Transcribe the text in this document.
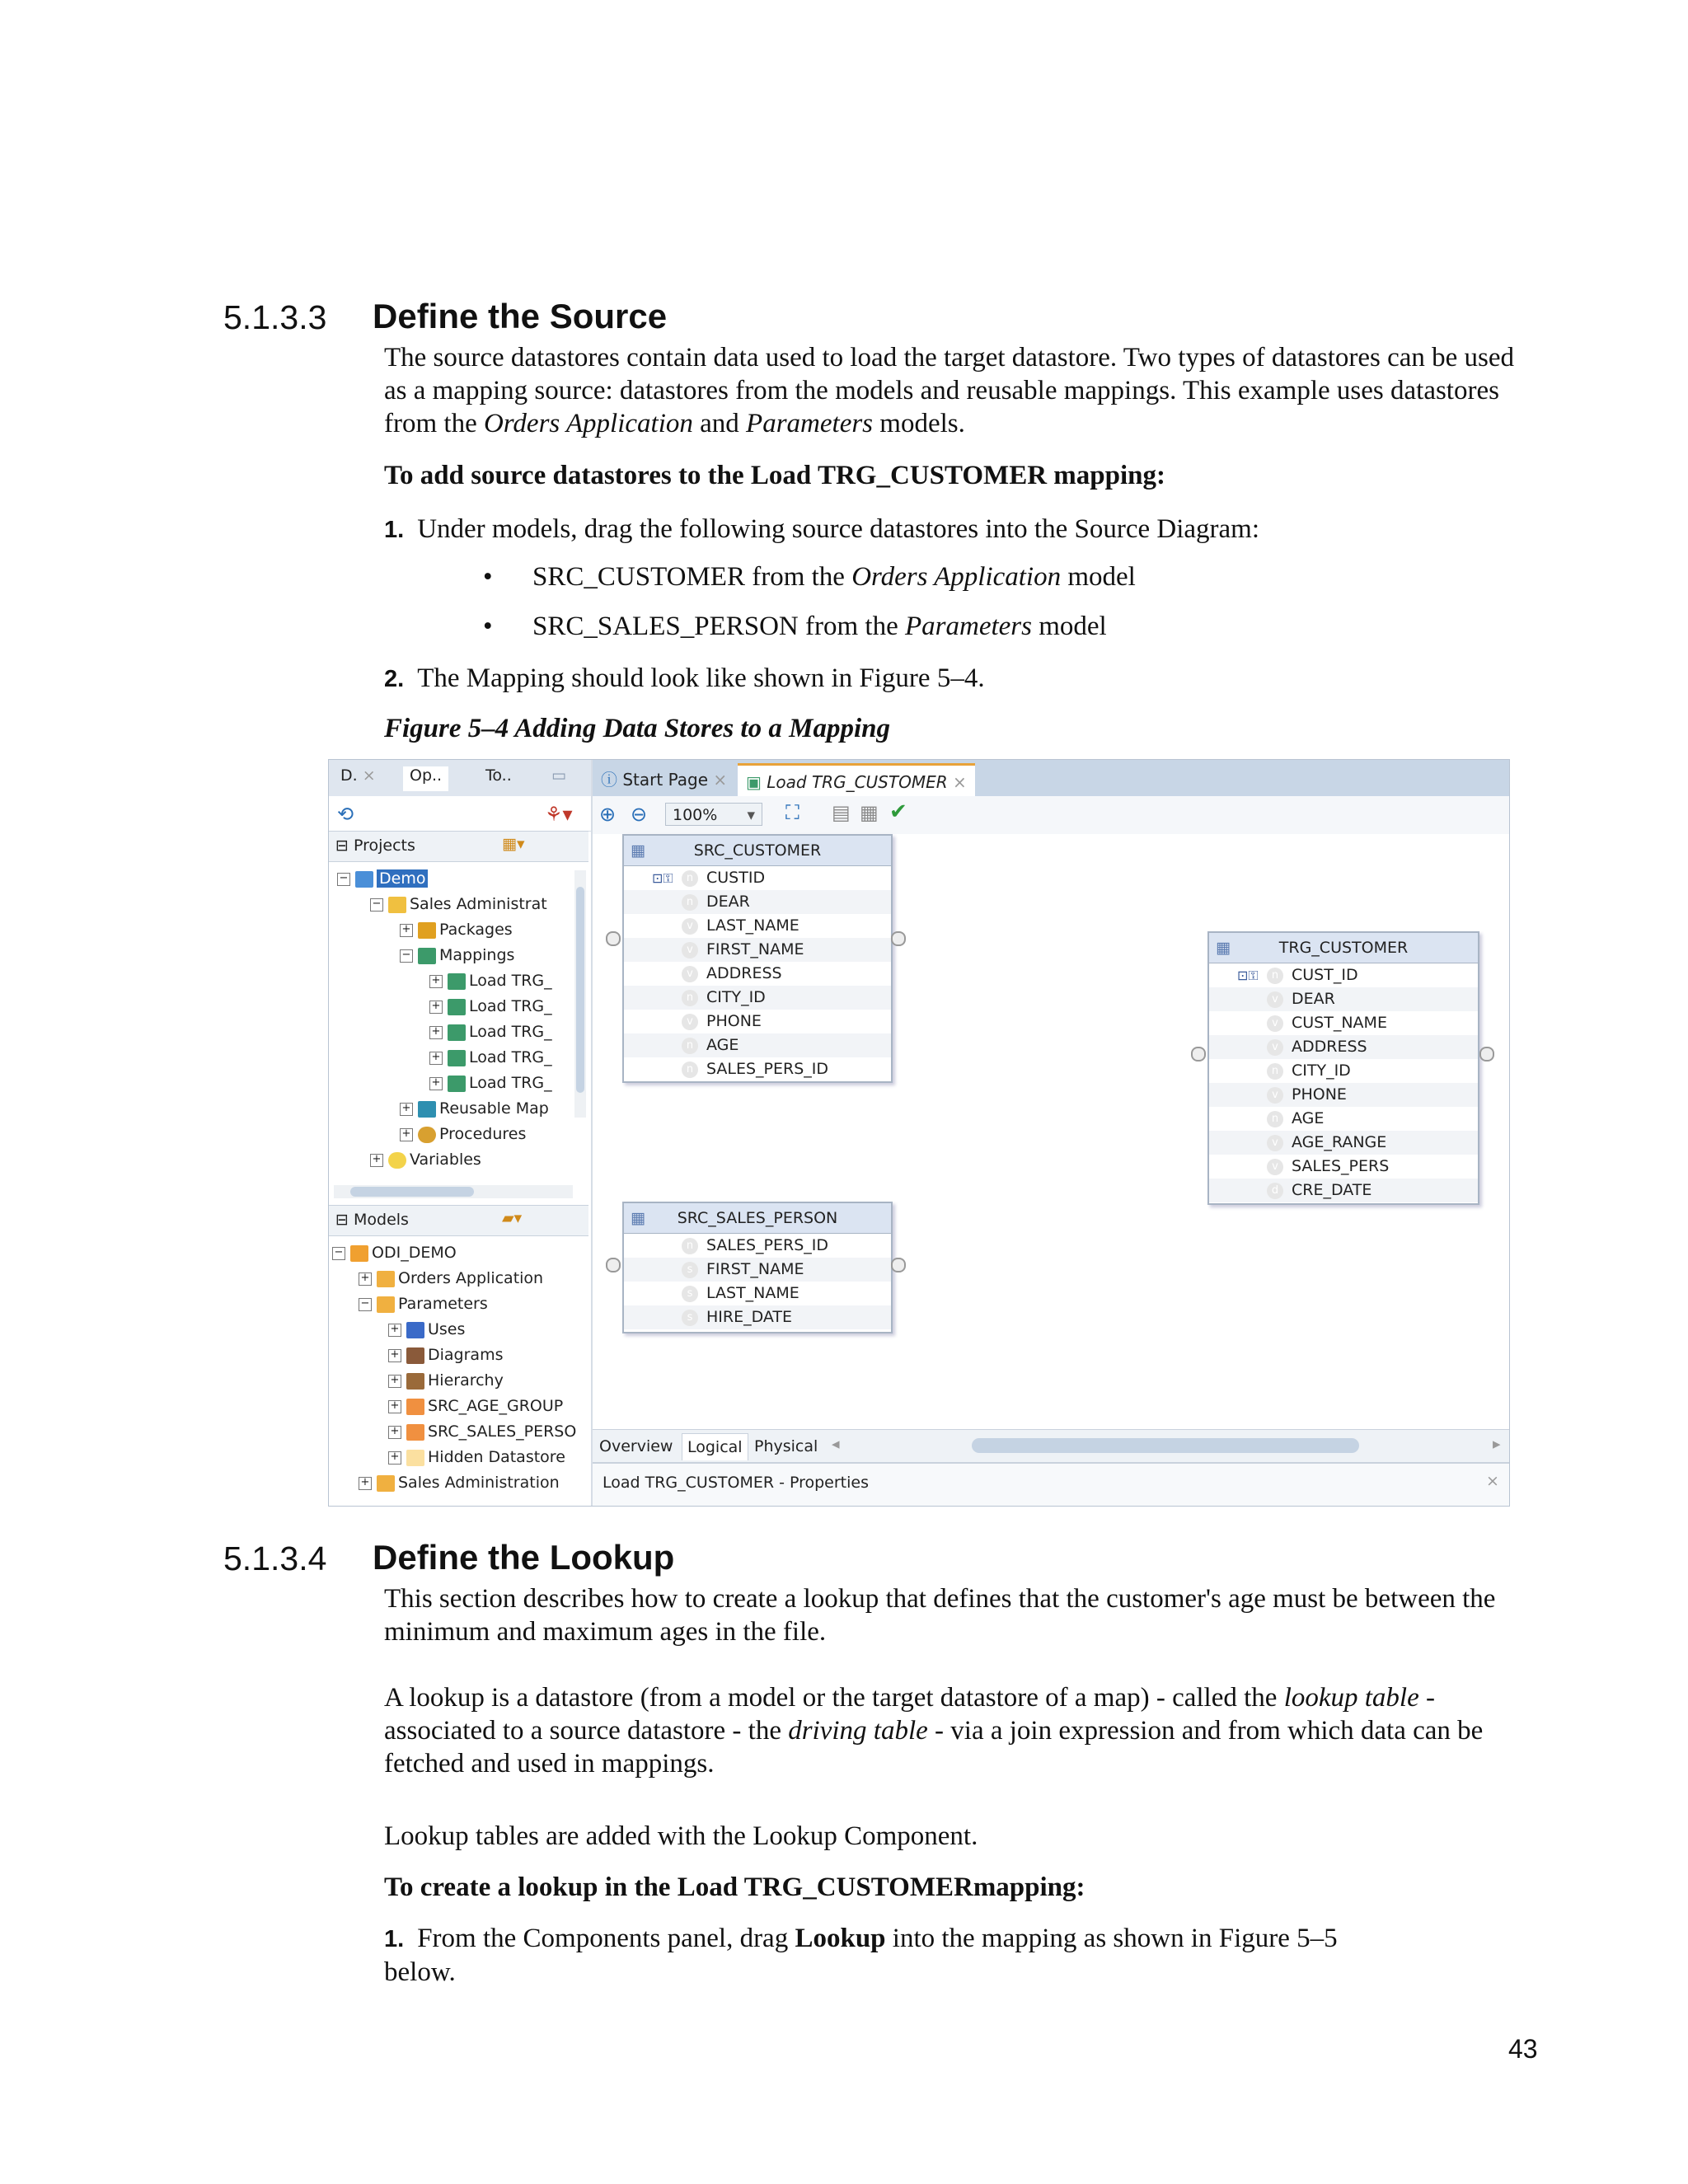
5.1.3.3 Define the Source
The source datastores contain data used to load the target datastore. Two types of datastores can be used as a mapping source: datastores from the models and reusable mappings. This example uses datastores from the Orders Application and Parameters models.
To add source datastores to the Load TRG_CUSTOMER mapping:
1. Under models, drag the following source datastores into the Source Diagram:
• SRC_CUSTOMER from the Orders Application model
• SRC_SALES_PERSON from the Parameters model
2. The Mapping should look like shown in Figure 5–4.
Figure 5–4 Adding Data Stores to a Mapping
D. ×	Op..	To..	▭
⟲	⚘▾
⊟ Projects	▦▾
− Demo
− Sales Administrat
+ Packages
− Mappings
+ Load TRG_
+ Load TRG_
+ Load TRG_
+ Load TRG_
+ Load TRG_
+ Reusable Map
+ Procedures
+ Variables
⊟ Models	▰▾
− ODI_DEMO
+ Orders Application
− Parameters
+ Uses
+ Diagrams
+ Hierarchy
+ SRC_AGE_GROUP
+ SRC_SALES_PERSO
+ Hidden Datastore
+ Sales Administration
ⓘ Start Page ×	▣ Load TRG_CUSTOMER ×
⊕ ⊖	100% ▾ ⛶ ▤ ▦ ✔
▦	SRC_CUSTOMER
⊡⚿	n CUSTID
n DEAR
v LAST_NAME
v FIRST_NAME
v ADDRESS
n CITY_ID
v PHONE
n AGE
n SALES_PERS_ID
▦ SRC_SALES_PERSON
n SALES_PERS_ID
s FIRST_NAME
s LAST_NAME
s HIRE_DATE
▦	TRG_CUSTOMER
⊡⚿	n CUST_ID
v DEAR
v CUST_NAME
v ADDRESS
n CITY_ID
v PHONE
n AGE
v AGE_RANGE
v SALES_PERS
d CRE_DATE
Overview Logical Physical ◂	▸
Load TRG_CUSTOMER - Properties	×
5.1.3.4 Define the Lookup
This section describes how to create a lookup that defines that the customer's age must be between the minimum and maximum ages in the file.
A lookup is a datastore (from a model or the target datastore of a map) - called the lookup table - associated to a source datastore - the driving table - via a join expression and from which data can be fetched and used in mappings.
Lookup tables are added with the Lookup Component.
To create a lookup in the Load TRG_CUSTOMERmapping:
1. From the Components panel, drag Lookup into the mapping as shown in Figure 5–5 below.
43
